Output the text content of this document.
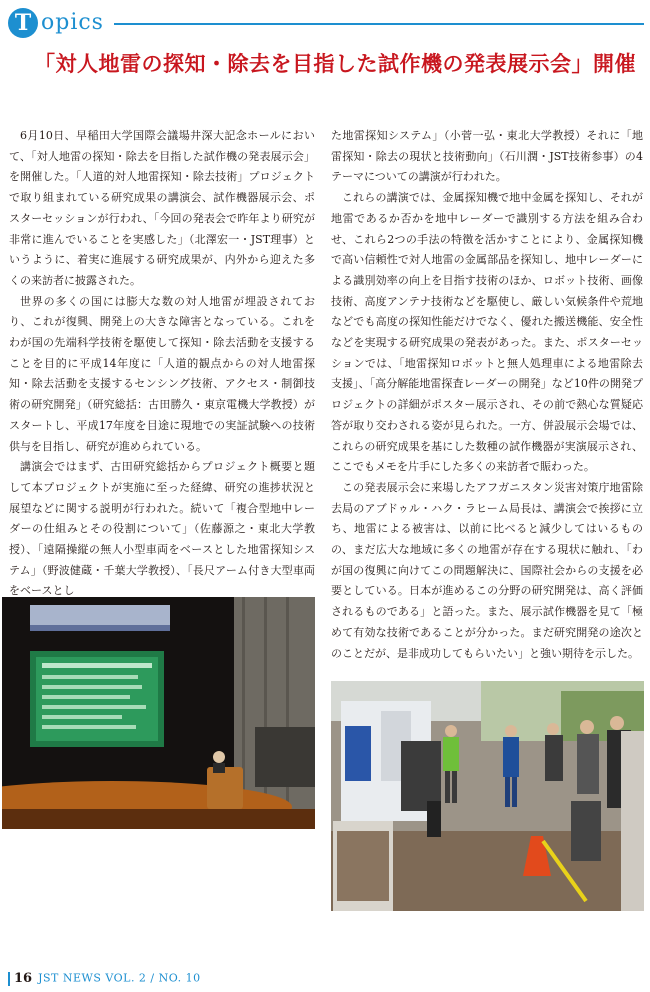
T opics
「対人地雷の探知・除去を目指した試作機の発表展示会」開催

6月10日、早稲田大学国際会議場井深大記念ホールにおいて、「対人地雷の探知・除去を目指した試作機の発表展示会」を開催した。「人道的対人地雷探知・除去技術」プロジェクトで取り組まれている研究成果の講演会、試作機器展示会、ポスターセッションが行われ、「今回の発表会で昨年より研究が非常に進んでいることを実感した」（北澤宏一・JST理事）というように、着実に進展する研究成果が、内外から迎えた多くの来訪者に披露された。

世界の多くの国には膨大な数の対人地雷が埋設されており、これが復興、開発上の大きな障害となっている。これをわが国の先端科学技術を駆使して探知・除去活動を支援することを目的に平成14年度に「人道的観点からの対人地雷探知・除去活動を支援するセンシング技術、アクセス・制御技術の研究開発」（研究総括：古田勝久・東京電機大学教授）がスタートし、平成17年度を目途に現地での実証試験への技術供与を目指し、研究が進められている。

講演会ではまず、古田研究総括からプロジェクト概要と題して本プロジェクトが実施に至った経緯、研究の進捗状況と展望などに関する説明が行われた。続いて「複合型地中レーダーの仕組みとその役割について」（佐藤源之・東北大学教授）、「遠隔操縦の無人小型車両をベースとした地雷探知システム」（野波健蔵・千葉大学教授）、「長尺アーム付き大型車両をベースとし

た地雷探知システム」（小菅一弘・東北大学教授）それに「地雷探知・除去の現状と技術動向」（石川潤・JST技術参事）の4テーマについての講演が行われた。

これらの講演では、金属探知機で地中金属を探知し、それが地雷であるか否かを地中レーダーで識別する方法を組み合わせ、これら2つの手法の特徴を活かすことにより、金属探知機で高い信頼性で対人地雷の金属部品を探知し、地中レーダーによる識別効率の向上を目指す技術のほか、ロボット技術、画像技術、高度アンテナ技術などを駆使し、厳しい気候条件や荒地などでも高度の探知性能だけでなく、優れた搬送機能、安全性などを実現する研究成果の発表があった。また、ポスターセッションでは、「地雷探知ロボットと無人処理車による地雷除去支援」、「高分解能地雷探査レーダーの開発」など10件の開発プロジェクトの詳細がポスター展示され、その前で熱心な質疑応答が取り交わされる姿が見られた。一方、併設展示会場では、これらの研究成果を基にした数種の試作機器が実演展示され、ここでもメモを片手にした多くの来訪者で賑わった。

この発表展示会に来場したアフガニスタン災害対策庁地雷除去局のアブドゥル・ハク・ラヒーム局長は、講演会で挨拶に立ち、地雷による被害は、以前に比べると減少してはいるものの、まだ広大な地域に多くの地雷が存在する現状に触れ、「わが国の復興に向けてこの問題解決に、国際社会からの支援を必要としている。日本が進めるこの分野の研究開発は、高く評価されるものである」と語った。また、展示試作機器を見て「極めて有効な技術であることが分かった。まだ研究開発の途次とのことだが、是非成功してもらいたい」と強い期待を示した。

16 JST NEWS VOL. 2 / NO. 10
